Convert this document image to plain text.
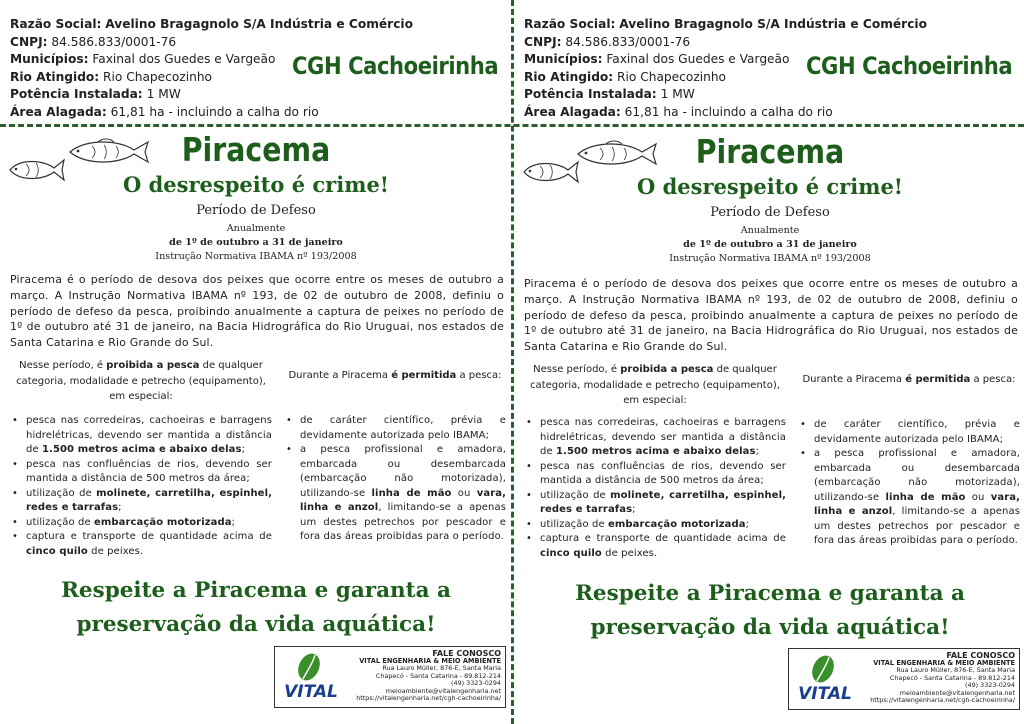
Razão Social: Avelino Bragagnolo S/A Indústria e Comércio
CNPJ: 84.586.833/0001-76
Municípios: Faxinal dos Guedes e Vargeão
Rio Atingido: Rio Chapecozinho
Potência Instalada: 1 MW
Área Alagada: 61,81 ha - incluindo a calha do rio
CGH Cachoeirinha
Piracema
O desrespeito é crime!
Período de Defeso
Anualmente
de 1º de outubro a 31 de janeiro
Instrução Normativa IBAMA nº 193/2008
Piracema é o período de desova dos peixes que ocorre entre os meses de outubro a março. A Instrução Normativa IBAMA nº 193, de 02 de outubro de 2008, definiu o período de defeso da pesca, proibindo anualmente a captura de peixes no período de 1º de outubro até 31 de janeiro, na Bacia Hidrográfica do Rio Uruguai, nos estados de Santa Catarina e Rio Grande do Sul.
Nesse período, é proibida a pesca de qualquer categoria, modalidade e petrecho (equipamento), em especial:
Durante a Piracema é permitida a pesca:
• pesca nas corredeiras, cachoeiras e barragens hidrelétricas, devendo ser mantida a distância de 1.500 metros acima e abaixo delas;
• pesca nas confluências de rios, devendo ser mantida a distância de 500 metros da área;
• utilização de molinete, carretilha, espinhel, redes e tarrafas;
• utilização de embarcação motorizada;
• captura e transporte de quantidade acima de cinco quilo de peixes.
• de caráter científico, prévia e devidamente autorizada pelo IBAMA;
• a pesca profissional e amadora, embarcada ou desembarcada (embarcação não motorizada), utilizando-se linha de mão ou vara, linha e anzol, limitando-se a apenas um destes petrechos por pescador e fora das áreas proibidas para o período.
Respeite a Piracema e garanta a preservação da vida aquática!
VITAL
FALE CONOSCO
VITAL ENGENHARIA & MEIO AMBIENTE
Rua Lauro Müller, 876-E, Santa Maria
Chapecó - Santa Catarina - 89.812-214
(49) 3323-0294
meioambiente@vitalengenharia.net
https://vitalengenharia.net/cgh-cachoeirinha/
Razão Social: Avelino Bragagnolo S/A Indústria e Comércio
CNPJ: 84.586.833/0001-76
Municípios: Faxinal dos Guedes e Vargeão
Rio Atingido: Rio Chapecozinho
Potência Instalada: 1 MW
Área Alagada: 61,81 ha - incluindo a calha do rio
CGH Cachoeirinha
Piracema
O desrespeito é crime!
Período de Defeso
Anualmente
de 1º de outubro a 31 de janeiro
Instrução Normativa IBAMA nº 193/2008
Piracema é o período de desova dos peixes que ocorre entre os meses de outubro a março. A Instrução Normativa IBAMA nº 193, de 02 de outubro de 2008, definiu o período de defeso da pesca, proibindo anualmente a captura de peixes no período de 1º de outubro até 31 de janeiro, na Bacia Hidrográfica do Rio Uruguai, nos estados de Santa Catarina e Rio Grande do Sul.
Nesse período, é proibida a pesca de qualquer categoria, modalidade e petrecho (equipamento), em especial:
Durante a Piracema é permitida a pesca:
• pesca nas corredeiras, cachoeiras e barragens hidrelétricas, devendo ser mantida a distância de 1.500 metros acima e abaixo delas;
• pesca nas confluências de rios, devendo ser mantida a distância de 500 metros da área;
• utilização de molinete, carretilha, espinhel, redes e tarrafas;
• utilização de embarcação motorizada;
• captura e transporte de quantidade acima de cinco quilo de peixes.
• de caráter científico, prévia e devidamente autorizada pelo IBAMA;
• a pesca profissional e amadora, embarcada ou desembarcada (embarcação não motorizada), utilizando-se linha de mão ou vara, linha e anzol, limitando-se a apenas um destes petrechos por pescador e fora das áreas proibidas para o período.
Respeite a Piracema e garanta a preservação da vida aquática!
VITAL
FALE CONOSCO
VITAL ENGENHARIA & MEIO AMBIENTE
Rua Lauro Müller, 876-E, Santa Maria
Chapecó - Santa Catarina - 89.812-214
(49) 3323-0294
meioambiente@vitalengenharia.net
https://vitalengenharia.net/cgh-cachoeirinha/
